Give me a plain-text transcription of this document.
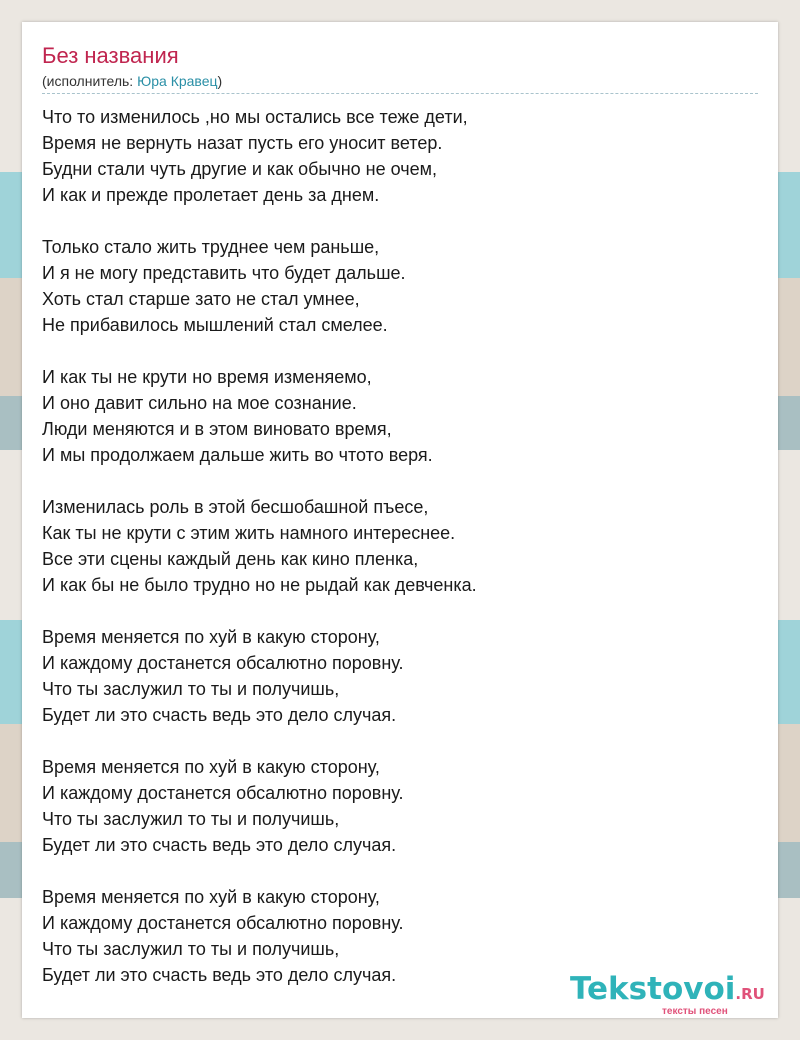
Без названия
(исполнитель: Юра Кравец)
Что то изменилось ,но мы остались все теже дети,
Время не вернуть назат пусть его уносит ветер.
Будни стали чуть другие и как обычно не очем,
И как и прежде пролетает день за днем.
Только стало жить труднее чем раньше,
И я не могу представить что будет дальше.
Хоть стал старше зато не стал умнее,
Не прибавилось мышлений стал смелее.
И как ты не крути но время изменяемо,
И оно давит сильно на мое сознание.
Люди меняются и в этом виновато время,
И мы продолжаем дальше жить во чтото веря.
Изменилась роль в этой бесшобашной пъесе,
Как ты не крути с этим жить намного интереснее.
Все эти сцены каждый день как кино пленка,
И как бы не было трудно но не рыдай как девченка.
Время меняется по хуй в какую сторону,
И каждому достанется обсалютно поровну.
Что ты заслужил то ты и получишь,
Будет ли это счасть ведь это дело случая.
Время меняется по хуй в какую сторону,
И каждому достанется обсалютно поровну.
Что ты заслужил то ты и получишь,
Будет ли это счасть ведь это дело случая.
Время меняется по хуй в какую сторону,
И каждому достанется обсалютно поровну.
Что ты заслужил то ты и получишь,
Будет ли это счасть ведь это дело случая.	Tekstovoi.RU
тексты песен
